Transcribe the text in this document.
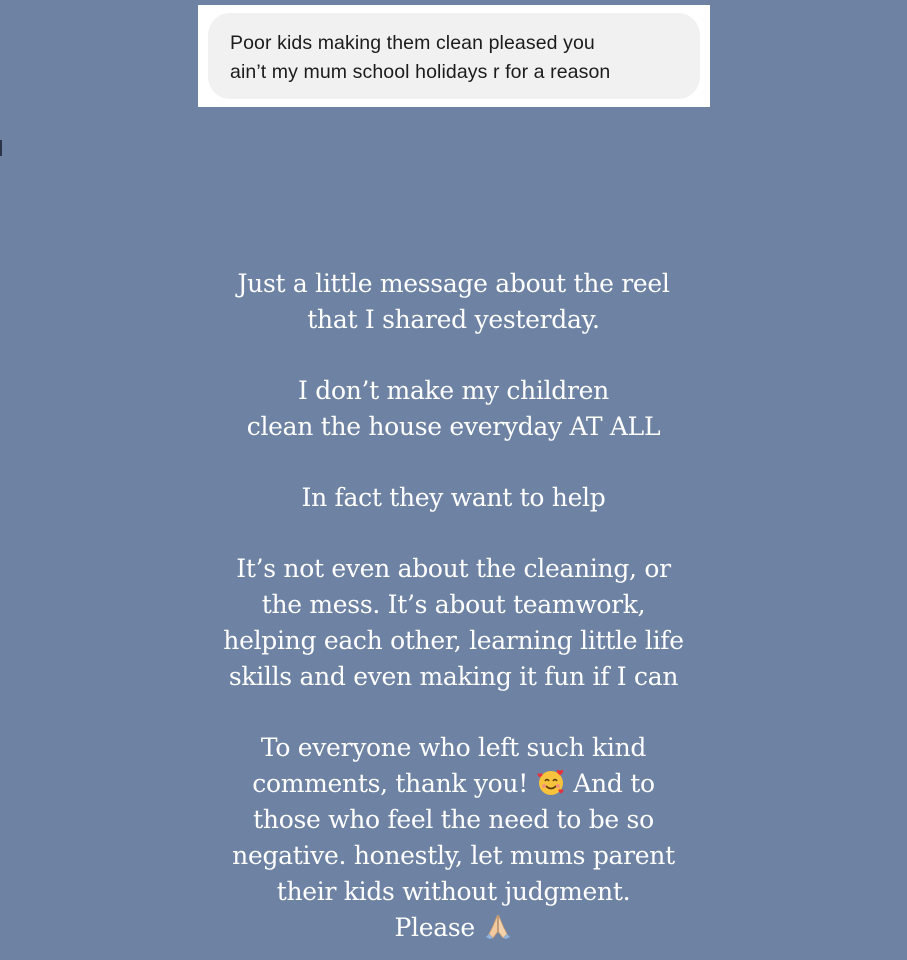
Poor kids making them clean pleased you
ain’t my mum school holidays r for a reason

Just a little message about the reel
that I shared yesterday.

I don’t make my children
clean the house everyday AT ALL

In fact they want to help

It’s not even about the cleaning, or
the mess. It’s about teamwork,
helping each other, learning little life
skills and even making it fun if I can

To everyone who left such kind
comments, thank you! And to
those who feel the need to be so
negative. honestly, let mums parent
their kids without judgment.
Please
